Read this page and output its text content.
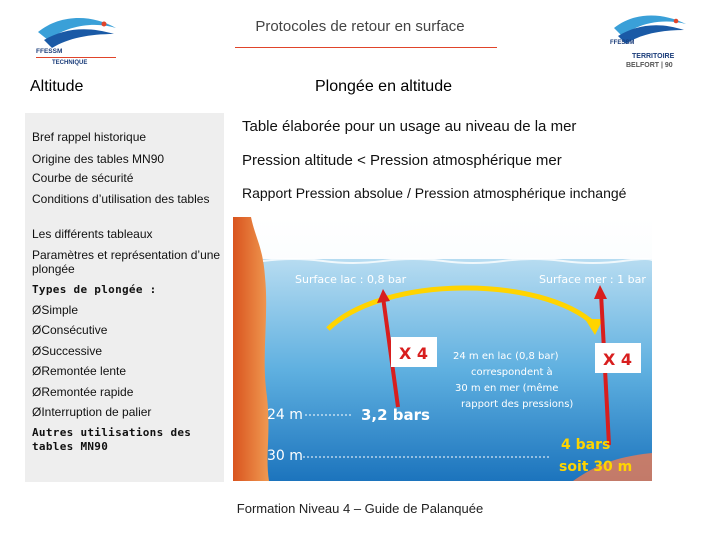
Protocoles de retour en surface
FFESSM
TECHNIQUE
FFESSM
TERRITOIRE
BELFORT | 90
Altitude	Plongée en altitude
Bref rappel historique
Origine des tables MN90
Courbe de sécurité
Conditions d’utilisation des tables
Les différents tableaux
Paramètres et représentation d’une plongée
Types de plongée :
ØSimple
ØConsécutive
ØSuccessive
ØRemontée lente
ØRemontée rapide
ØInterruption de palier
Autres utilisations des tables MN90
Table élaborée pour un usage au niveau de la mer
Pression altitude < Pression atmosphérique mer
Rapport Pression absolue / Pression atmosphérique inchangé
Surface lac : 0,8 bar	Surface mer : 1 bar
X 4	X 4
24 m en lac (0,8 bar)
correspondent à
30 m en mer (même
rapport des pressions)
24 m	3,2 bars
30 m
4 bars
soit 30 m
Formation Niveau 4 – Guide de Palanquée
